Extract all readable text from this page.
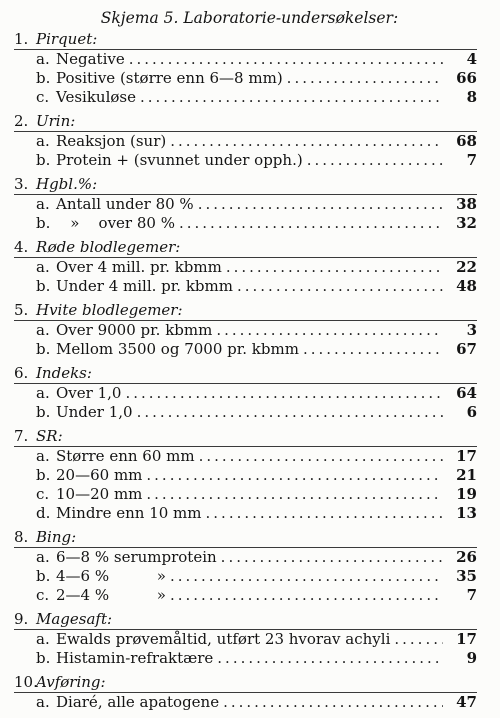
Skjema 5. Laboratorie-undersøkelser:
1. Pirquet:
a. Negative .....	4
b. Positive (større enn 6—8 mm) .....	66
c. Vesikuløse .....	8
2. Urin:
a. Reaksjon (sur) .....	68
b. Protein + (svunnet under opph.) .....	7
3. Hgbl.%:
a. Antall under 80 % .....	38
b. »    over 80 % .....	32
4. Røde blodlegemer:
a. Over 4 mill. pr. kbmm .....	22
b. Under 4 mill. pr. kbmm .....	48
5. Hvite blodlegemer:
a. Over 9000 pr. kbmm .....	3
b. Mellom 3500 og 7000 pr. kbmm .....	67
6. Indeks:
a. Over 1,0 .....	64
b. Under 1,0 .....	6
7. SR:
a. Større enn 60 mm .....	17
b. 20—60 mm .....	21
c. 10—20 mm .....	19
d. Mindre enn 10 mm .....	13
8. Bing:
a. 6—8 % serumprotein .....	26
b. 4—6 %          » .....	35
c. 2—4 %          » .....	7
9. Magesaft:
a. Ewalds prøvemåltid, utført 23 hvorav achyli .....	17
b. Histamin-refraktære .....	9
10.
Avføring:
a. Diaré, alle apatogene .....	47
